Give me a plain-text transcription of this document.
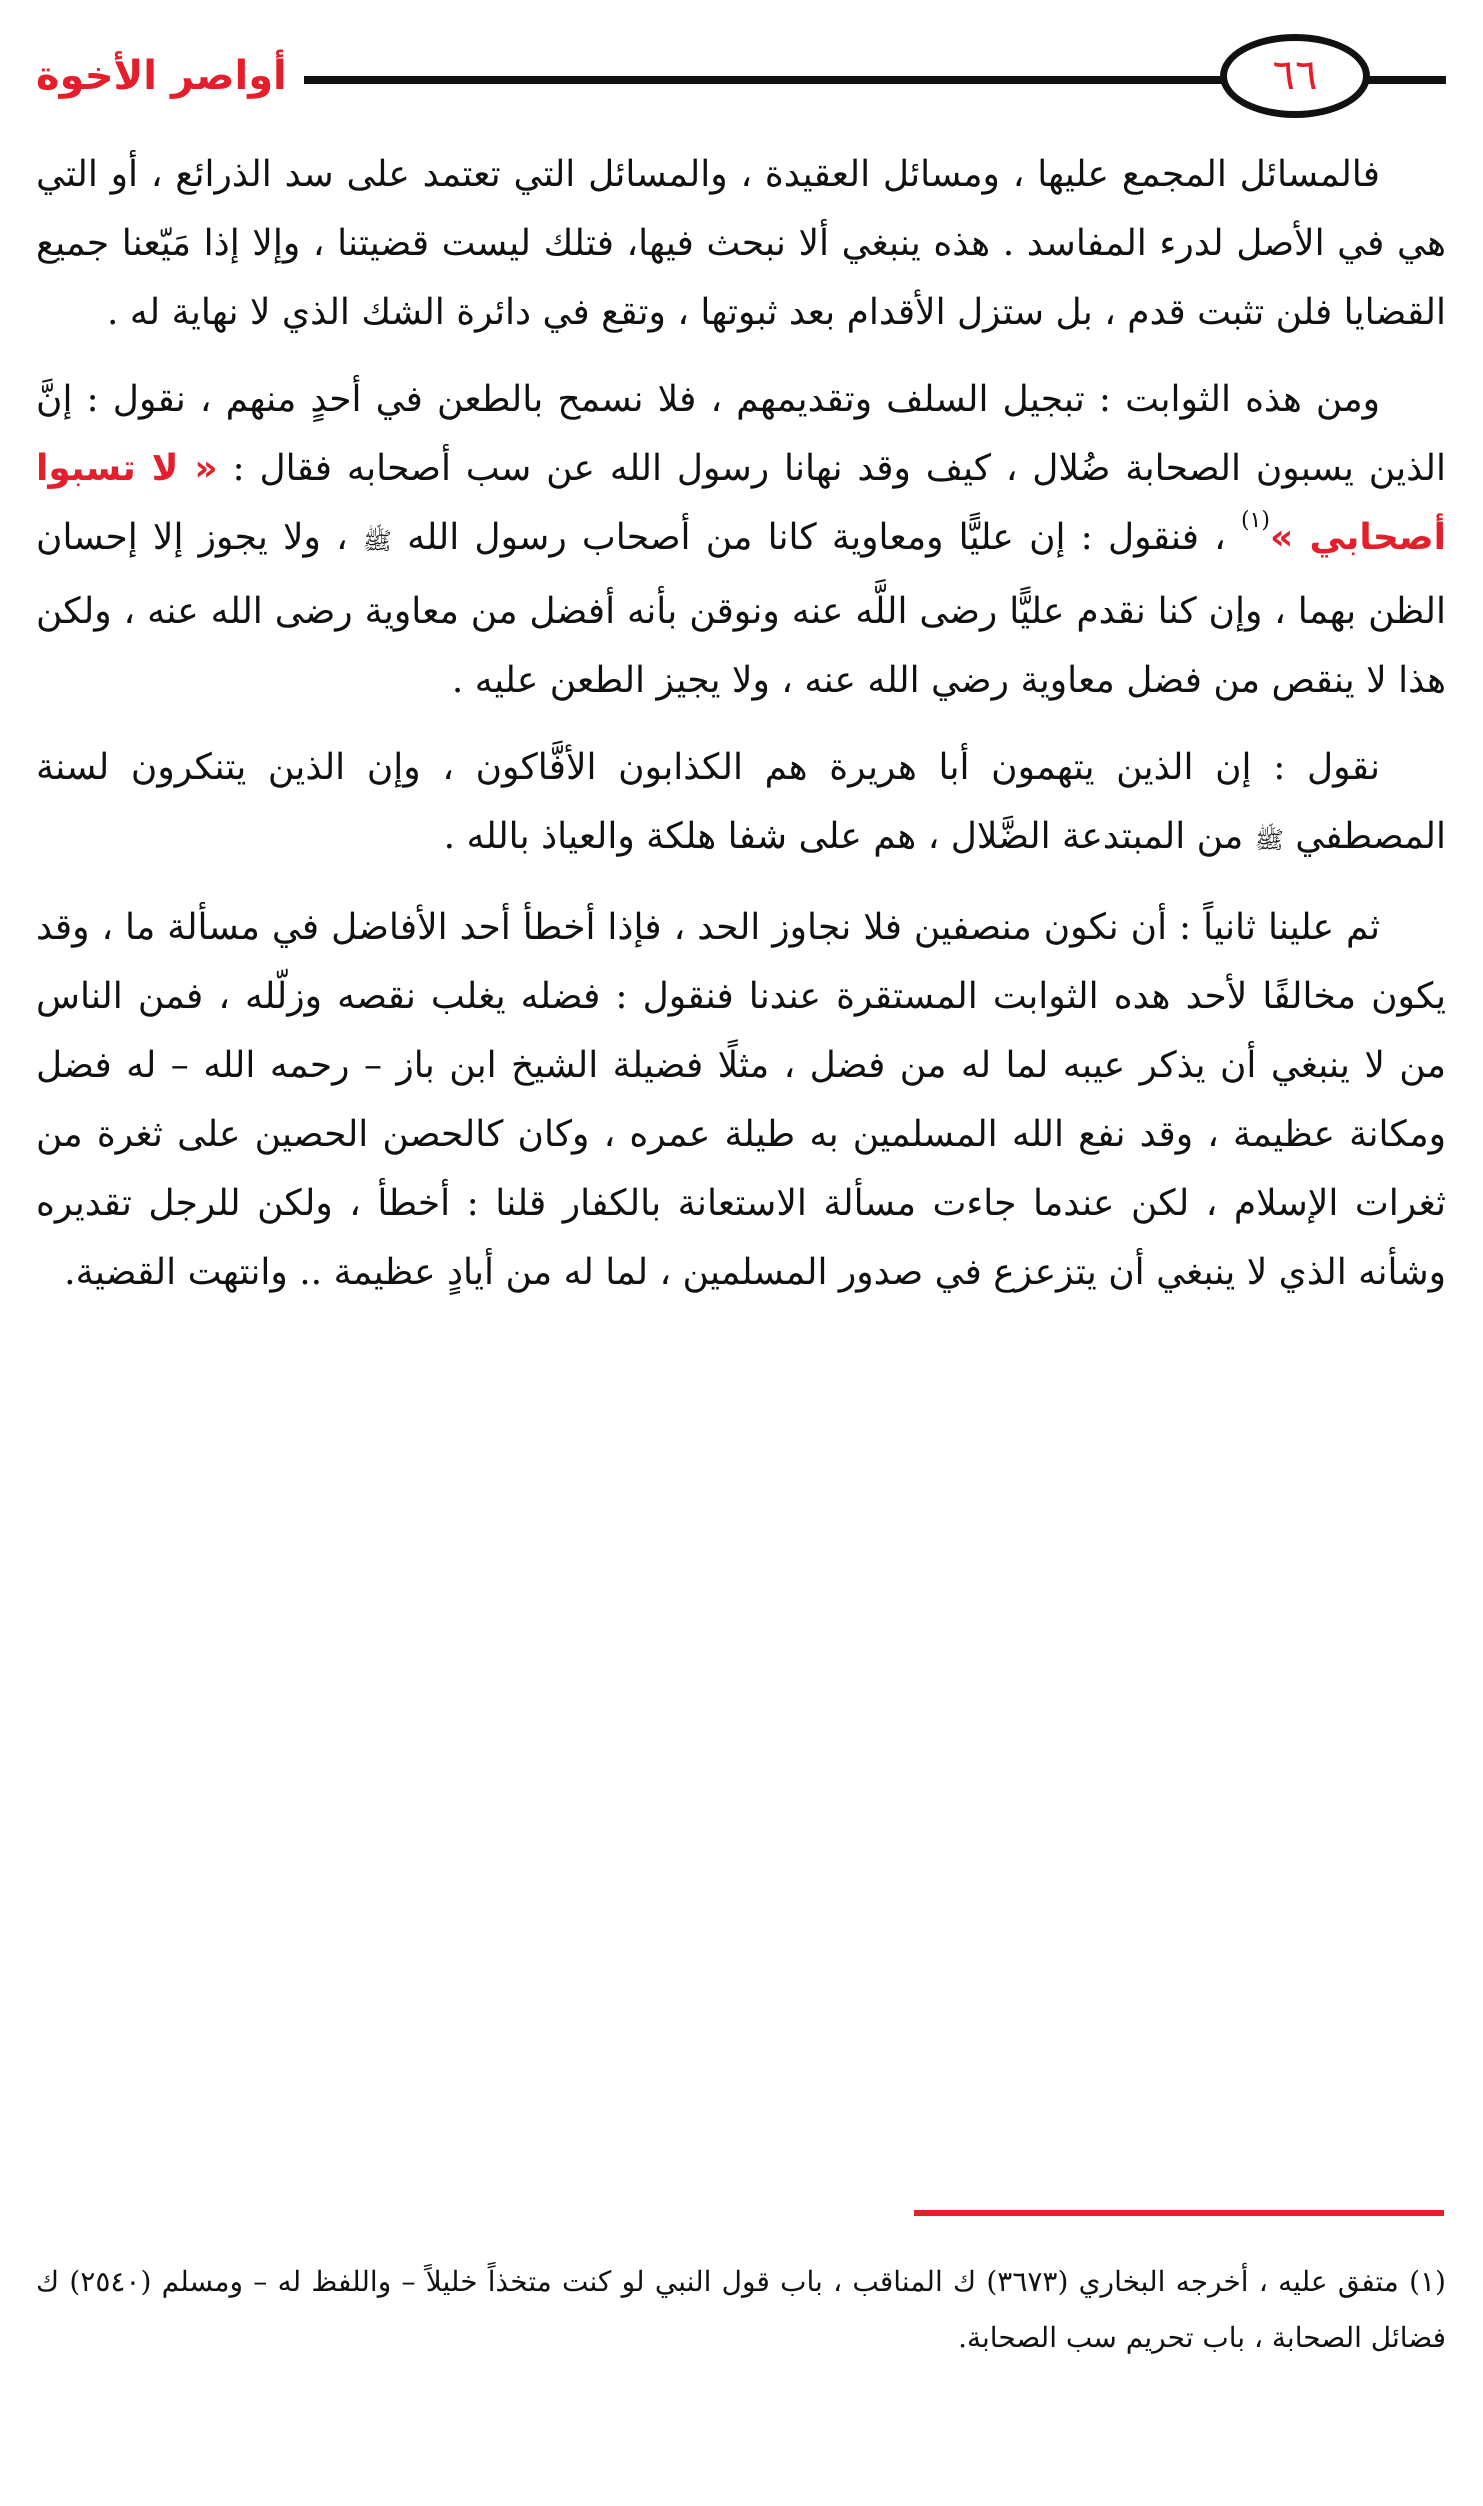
أواصر الأخوة	٦٦

فالمسائل المجمع عليها ، ومسائل العقيدة ، والمسائل التي تعتمد على سد الذرائع ، أو التي هي في الأصل لدرء المفاسد . هذه ينبغي ألا نبحث فيها، فتلك ليست قضيتنا ، وإلا إذا مَيّعنا جميع القضايا فلن تثبت قدم ، بل ستزل الأقدام بعد ثبوتها ، وتقع في دائرة الشك الذي لا نهاية له .

ومن هذه الثوابت : تبجيل السلف وتقديمهم ، فلا نسمح بالطعن في أحدٍ منهم ، نقول : إنَّ الذين يسبون الصحابة ضُلال ، كيف وقد نهانا رسول الله عن سب أصحابه فقال : « لا تسبوا أصحابي »$^{(١)}$ ، فنقول : إن عليًّا ومعاوية كانا من أصحاب رسول الله ﷺ ، ولا يجوز إلا إحسان الظن بهما ، وإن كنا نقدم عليًّا رضى اللَّه عنه ونوقن بأنه أفضل من معاوية رضى الله عنه ، ولكن هذا لا ينقص من فضل معاوية رضي الله عنه ، ولا يجيز الطعن عليه .

نقول : إن الذين يتهمون أبا هريرة هم الكذابون الأفَّاكون ، وإن الذين يتنكرون لسنة المصطفي ﷺ من المبتدعة الضَّلال ، هم على شفا هلكة والعياذ بالله .

ثم علينا ثانياً : أن نكون منصفين فلا نجاوز الحد ، فإذا أخطأ أحد الأفاضل في مسألة ما ، وقد يكون مخالفًا لأحد هده الثوابت المستقرة عندنا فنقول : فضله يغلب نقصه وزلّله ، فمن الناس من لا ينبغي أن يذكر عيبه لما له من فضل ، مثلًا فضيلة الشيخ ابن باز – رحمه الله – له فضل ومكانة عظيمة ، وقد نفع الله المسلمين به طيلة عمره ، وكان كالحصن الحصين على ثغرة من ثغرات الإسلام ، لكن عندما جاءت مسألة الاستعانة بالكفار قلنا : أخطأ ، ولكن للرجل تقديره وشأنه الذي لا ينبغي أن يتزعزع في صدور المسلمين ، لما له من أيادٍ عظيمة .. وانتهت القضية.

(١) متفق عليه ، أخرجه البخاري (٣٦٧٣) ك المناقب ، باب قول النبي لو كنت متخذاً خليلاً – واللفظ له – ومسلم (٢٥٤٠) ك فضائل الصحابة ، باب تحريم سب الصحابة.
